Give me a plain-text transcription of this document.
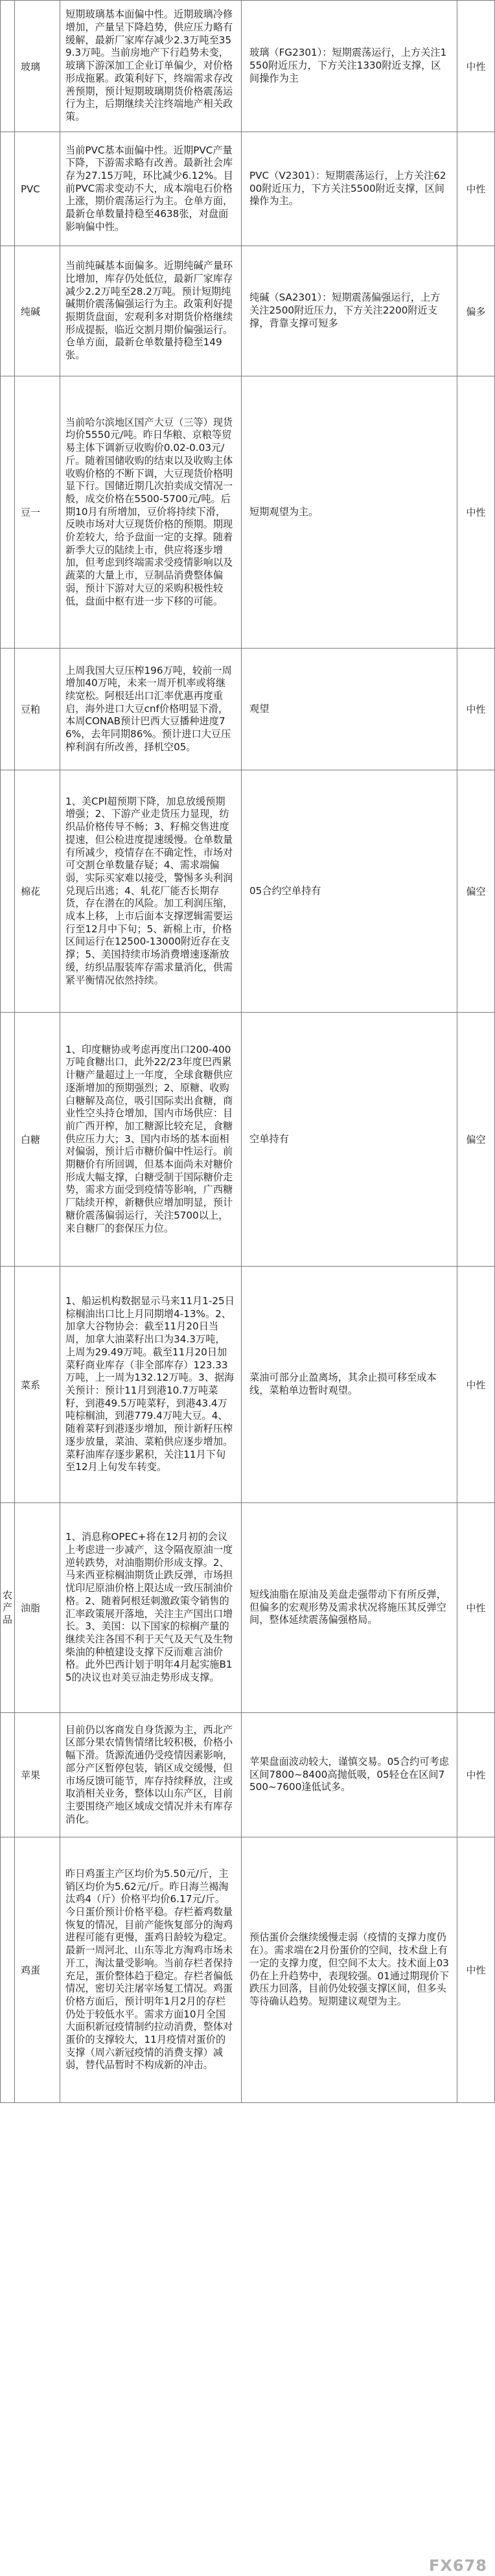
	玻璃	短期玻璃基本面偏中性。近期玻璃冷修增加，产量呈下降趋势，供应压力略有缓解，最新厂家库存减少2.3万吨至359.3万吨。当前房地产下行趋势未变，玻璃下游深加工企业订单偏少，对价格形成拖累。政策利好下，终端需求存改善预期，预计短期玻璃期货价格震荡运行为主，后期继续关注终端地产相关政策。	玻璃（FG2301）：短期震荡运行，上方关注1550附近压力，下方关注1330附近支撑，区间操作为主	中性
	PVC	当前PVC基本面偏中性。近期PVC产量下降，下游需求略有改善。最新社会库存为27.15万吨，环比减少6.12%。目前PVC需求变动不大，成本端电石价格上涨，期价震荡运行为主。仓单方面，最新仓单数量持稳至4638张，对盘面影响偏中性。	PVC（V2301）：短期震荡运行，上方关注6200附近压力，下方关注5500附近支撑，区间操作为主。	中性
	纯碱	当前纯碱基本面偏多。近期纯碱产量环比增加，库存仍处低位，最新厂家库存减少2.2万吨至28.2万吨。预计短期纯碱期价震荡偏强运行为主。政策利好提振期货盘面，宏观利多对期货价格继续形成提振，临近交割月期价偏强运行。仓单方面，最新仓单数量持稳至149张。	纯碱（SA2301）：短期震荡偏强运行，上方关注2500附近压力，下方关注2200附近支撑，背靠支撑可短多	偏多
	豆一	当前哈尔滨地区国产大豆（三等）现货均价5550元/吨。昨日华粮、京粮等贸易主体下调新豆收购价0.02-0.03元/斤。随着国储收购的结束以及收购主体收购价格的不断下调，大豆现货价格明显下行。国储近期几次拍卖成交情况一般，成交价格在5500-5700元/吨。后期10月有所增加，豆价将持续下滑，反映市场对大豆现货价格的预期。期现价差较大，给予盘面一定的支撑。随着新季大豆的陆续上市，供应将逐步增加，但考虑到终端需求受疫情影响以及蔬菜的大量上市，豆制品消费整体偏弱，预计下游对大豆的采购积极性较低，盘面中枢有进一步下移的可能。	短期观望为主。	中性
	豆粕	上周我国大豆压榨196万吨，较前一周增加40万吨，未来一周开机率或将继续宽松。阿根廷出口汇率优惠再度重启，海外进口大豆cnf价格明显下滑，本周CONAB预计巴西大豆播种进度76%，去年同期86%。预计进口大豆压榨利润有所改善，择机空05。	观望	中性
	棉花	1、美CPI超预期下降，加息放缓预期增强；2、下游产业走货压力显现，纺织品价格传导不畅；3、籽棉交售进度提速，但公检进度提速缓慢。仓单数量有所减少，疫情存在不确定性，市场对可交割仓单数量存疑；4、需求端偏弱，实际买家难以接受，警惕多头利润兑现后出逃；4、轧花厂能否长期存货，存在潜在的风险。加工利润压缩，成本上移，上市后面本支撑逻辑需要运行至12月中下旬；5、新棉上市，价格区间运行在12500-13000附近存在支撑；5、美国持续市场消费增速逐渐放缓，纺织品服装库存需求量消化，供需紧平衡情况依然持续。	05合约空单持有	偏空
	白糖	1、印度糖协或考虑再度出口200-400万吨食糖出口，此外22/23年度巴西累计糖产量超过上一年度，全球食糖供应逐渐增加的预期强烈；2、原糖、收购白糖解及高位，吸引国际卖出食糖，商业性空头持仓增加，国内市场供应：目前广西开榨，加工糖源比较充足，食糖供应压力大；3、国内市场的基本面相对偏弱，预计后市糖价偏中性运行。前期糖价有所回调，但基本面尚未对糖价形成大幅支撑，白糖受制于国际糖价走势，需求方面受到疫情等影响，广西糖厂陆续开榨，新糖供应增加明显，预计糖价震荡偏弱运行，关注5700以上，来自糖厂的套保压力位。	空单持有	偏空
	菜系	1、船运机构数据显示马来11月1-25日棕榈油出口比上月同期增4-13%。2、加拿大谷物协会：截至11月20日当周，加拿大油菜籽出口为34.3万吨，上周为29.49万吨。截至11月20日加菜籽商业库存（非全部库存）123.33万吨，上一周为132.12万吨。3、据海关预计：预计11月到港10.7万吨菜籽，到港49.5万吨菜籽，到港43.4万吨棕榈油，到港779.4万吨大豆。4、随着菜籽到港逐步增加，预计新籽压榨逐步放量，菜油、菜粕供应逐步增加。菜籽油库存逐步累积，关注11月下旬至12月上旬发车转变。	菜油可部分止盈离场，其余止损可移至成本线，菜粕单边暂时观望。	中性

农产品	油脂	1、消息称OPEC+将在12月初的会议上考虑进一步减产，这令隔夜原油一度逆转跌势，对油脂期价形成支撑。2、马来西亚棕榈油期货止跌反弹，市场担忧印尼原油价格上限达成一致压制油价格。2、随着阿根廷刺激政策令销售的汇率政策展开落地，关注主产国出口增长。3、美国：以下国家的棕榈产量的继续关注各国不利于天气及天气及生物柴油的种植建设支撑下反而难言油价格。此外巴西计划于明年4月起实施B15的决议也对美豆油走势形成支撑。	短线油脂在原油及美盘走强带动下有所反弹，但偏多的宏观形势及需求状况将施压其反弹空间，整体延续震荡偏强格局。	中性
	苹果	目前仍以客商发自身货源为主，西北产区部分果农情售情绪比较积极，价格小幅下滑。货源流通仍受疫情因素影响，部分产区暂停包装，销区成交缓慢，但市场反馈可能节，库存持续释放，注或取消相关业务，整体以山东产区，目前主要围绕产地区域成交情况并未有库存消化。	苹果盘面波动较大，谨慎交易。05合约可考虑区间7800~8400高抛低吸，05轻仓在区间7500~7600逢低试多。	中性
	鸡蛋	昨日鸡蛋主产区均价为5.50元/斤，主销区均价为5.62元/斤。昨日海兰褐淘汰鸡4（斤）价格平均价6.17元/斤。今日蛋价预计价格平稳。存栏蓄鸡数量恢复的情况，目前产能恢复部分的淘鸡进程可能有更慢，蛋鸡日龄较为稳定。最新一周河北、山东等北方淘鸡市场未开工，淘汰量受影响。当前存栏者保持充足，蛋价整体趋于稳定。存栏者偏低情况，密切关注屠宰场复工情况。鸡蛋价格方面后，预计明年1月2月的存栏仍处于较低水平。需求方面10月全国大面积新冠疫情制约拉动消费，整体对蛋价的支撑较大，11月疫情对蛋价的支撑（周六新冠疫情的消费支撑）减弱，替代品暂时不构成新的冲击。	预估蛋价会继续缓慢走弱（疫情的支撑力度仍在）。需求端在2月份蛋价的空间，技术盘上有一定的支撑力度，但空间不太大。技术面上03仍在上升趋势中，表现较强。01通过期现价下跌压力回落，目前仍处较强支撑区间，但多头等待确认趋势。短期建议观望为主。	中性
FX678
